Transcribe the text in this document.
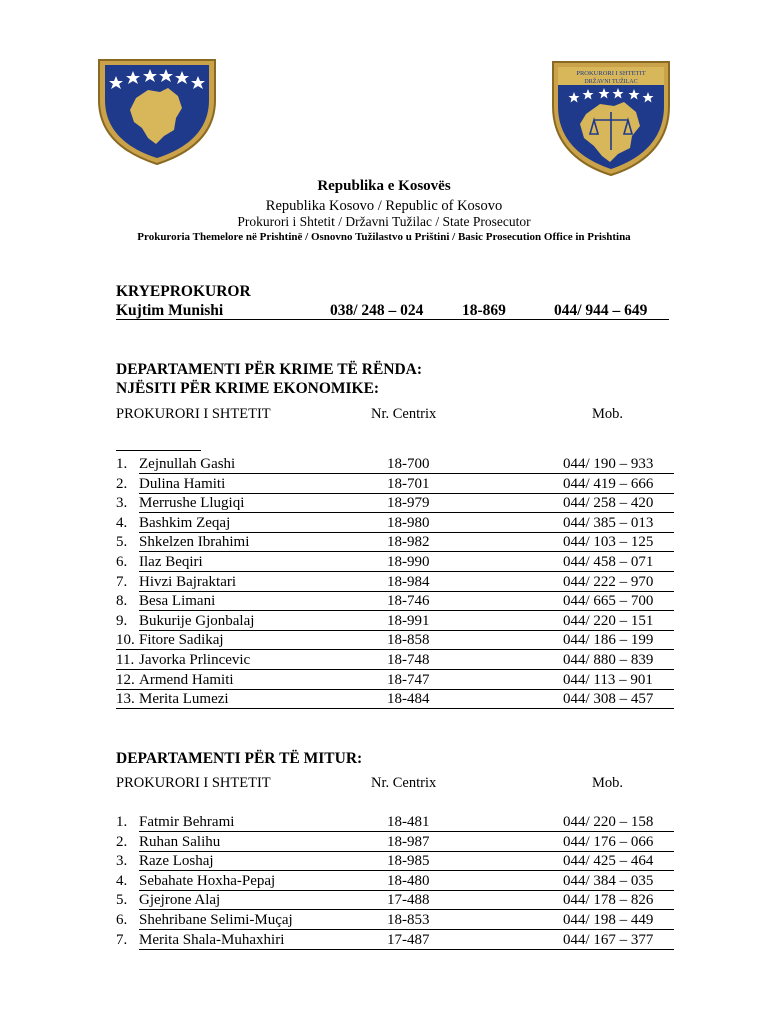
PROKURORI I SHTETIT
DRŽAVNI TUŽILAC
Republika e Kosovës
Republika Kosovo / Republic of Kosovo
Prokurori i Shtetit / Državni Tužilac / State Prosecutor
Prokuroria Themelore në Prishtinë / Osnovno Tužilastvo u Prištini / Basic Prosecution Office in Prishtina
KRYEPROKUROR
Kujtim Munishi	038/ 248 – 024 18-869	044/ 944 – 649
DEPARTAMENTI PËR KRIME TË RËNDA:
NJËSITI PËR KRIME EKONOMIKE:
PROKURORI I SHTETIT	Nr. Centrix	Mob.
1. Zejnullah Gashi	18-700	044/ 190 – 933
2. Dulina Hamiti	18-701	044/ 419 – 666
3. Merrushe Llugiqi	18-979	044/ 258 – 420
4. Bashkim Zeqaj	18-980	044/ 385 – 013
5. Shkelzen Ibrahimi	18-982	044/ 103 – 125
6. Ilaz Beqiri	18-990	044/ 458 – 071
7. Hivzi Bajraktari	18-984	044/ 222 – 970
8. Besa Limani	18-746	044/ 665 – 700
9. Bukurije Gjonbalaj	18-991	044/ 220 – 151
10. Fitore Sadikaj	18-858	044/ 186 – 199
11. Javorka Prlincevic	18-748	044/ 880 – 839
12. Armend Hamiti	18-747	044/ 113 – 901
13. Merita Lumezi	18-484	044/ 308 – 457
DEPARTAMENTI PËR TË MITUR:
PROKURORI I SHTETIT	Nr. Centrix	Mob.
1. Fatmir Behrami	18-481	044/ 220 – 158
2. Ruhan Salihu	18-987	044/ 176 – 066
3. Raze Loshaj	18-985	044/ 425 – 464
4. Sebahate Hoxha-Pepaj	18-480	044/ 384 – 035
5. Gjejrone Alaj	17-488	044/ 178 – 826
6. Shehribane Selimi-Muçaj	18-853	044/ 198 – 449
7. Merita Shala-Muhaxhiri	17-487	044/ 167 – 377
